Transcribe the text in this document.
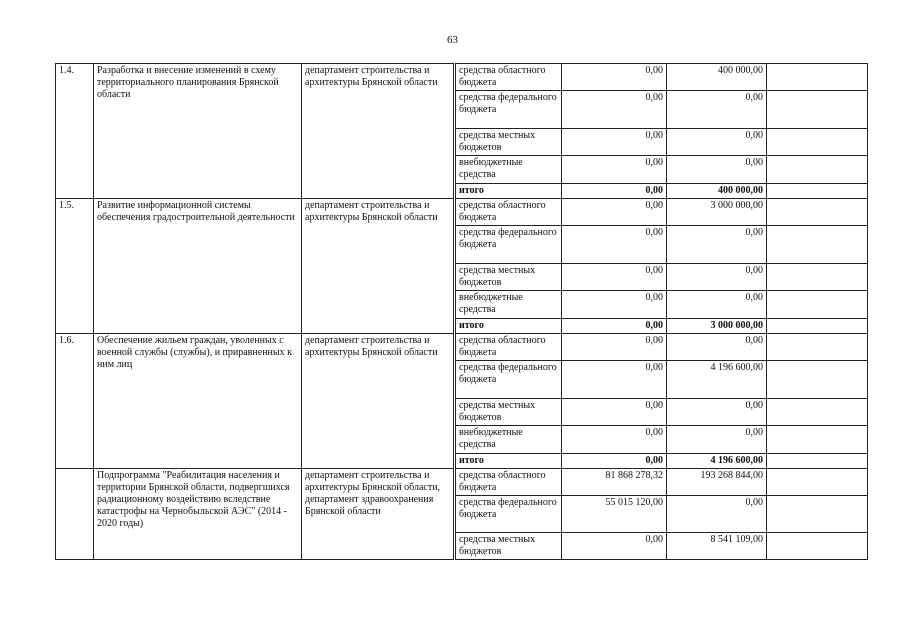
63
1.4.	Разработка и внесение изменений в схему территориального планирования Брянской области	департамент строительства и архитектуры Брянской области	средства областного бюджета	0,00	400 000,00	
			средства федерального бюджета	0,00	0,00	
			средства местных бюджетов	0,00	0,00	
			внебюджетные средства	0,00	0,00	
			итого	0,00	400 000,00	
1.5.	Развитие информационной системы обеспечения градостроительной деятельности	департамент строительства и архитектуры Брянской области	средства областного бюджета	0,00	3 000 000,00	
			средства федерального бюджета	0,00	0,00	
			средства местных бюджетов	0,00	0,00	
			внебюджетные средства	0,00	0,00	
			итого	0,00	3 000 000,00	
1.6.	Обеспечение жильем граждан, уволенных с военной службы (службы), и приравненных к ним лиц	департамент строительства и архитектуры Брянской области	средства областного бюджета	0,00	0,00	
			средства федерального бюджета	0,00	4 196 600,00	
			средства местных бюджетов	0,00	0,00	
			внебюджетные средства	0,00	0,00	
			итого	0,00	4 196 600,00	
	Подпрограмма "Реабилитация населения и территории Брянской области, подвергшихся радиационному воздействию вследствие катастрофы на Чернобыльской АЭС" (2014 - 2020 годы)	департамент строительства и архитектуры Брянской области, департамент здравоохранения Брянской области	средства областного бюджета	81 868 278,32	193 268 844,00	
			средства федерального бюджета	55 015 120,00	0,00	
			средства местных бюджетов	0,00	8 541 109,00	
